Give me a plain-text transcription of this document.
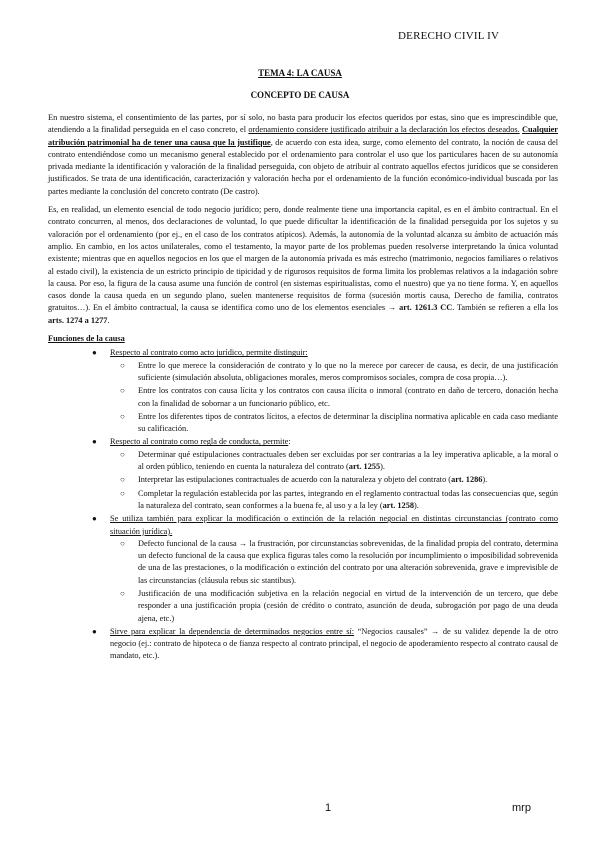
DERECHO CIVIL IV
TEMA 4: LA CAUSA
CONCEPTO DE CAUSA

En nuestro sistema, el consentimiento de las partes, por sí solo, no basta para producir los efectos queridos por estas, sino que es imprescindible que, atendiendo a la finalidad perseguida en el caso concreto, el ordenamiento considere justificado atribuir a la declaración los efectos deseados. Cualquier atribución patrimonial ha de tener una causa que la justifique, de acuerdo con esta idea, surge, como elemento del contrato, la noción de causa del contrato entendiéndose como un mecanismo general establecido por el ordenamiento para controlar el uso que los particulares hacen de su autonomía privada mediante la identificación y valoración de la finalidad perseguida, con objeto de atribuir al contrato aquellos efectos jurídicos que se consideren justificados. Se trata de una identificación, caracterización y valoración hecha por el ordenamiento de la función económico-individual buscada por las partes mediante la conclusión del concreto contrato (De castro).

Es, en realidad, un elemento esencial de todo negocio jurídico; pero, donde realmente tiene una importancia capital, es en el ámbito contractual. En el contrato concurren, al menos, dos declaraciones de voluntad, lo que puede dificultar la identificación de la finalidad perseguida por los sujetos y su valoración por el ordenamiento (por ej., en el caso de los contratos atípicos). Además, la autonomía de la voluntad alcanza su ámbito de actuación más amplio. En cambio, en los actos unilaterales, como el testamento, la mayor parte de los problemas pueden resolverse interpretando la única voluntad existente; mientras que en aquellos negocios en los que el margen de la autonomía privada es más estrecho (matrimonio, negocios familiares o relativos al estado civil), la existencia de un estricto principio de tipicidad y de rigurosos requisitos de forma limita los problemas relativos a la indagación sobre la causa. Por eso, la figura de la causa asume una función de control (en sistemas espiritualistas, como el nuestro) que ya no tiene forma. Y, en aquellos casos donde la causa queda en un segundo plano, suelen mantenerse requisitos de forma (sucesión mortis causa, Derecho de familia, contratos gratuitos…). En el ámbito contractual, la causa se identifica como uno de los elementos esenciales → art. 1261.3 CC. También se refieren a ella los arts. 1274 a 1277.

Funciones de la causa
● Respecto al contrato como acto jurídico, permite distinguir:
○ Entre lo que merece la consideración de contrato y lo que no la merece por carecer de causa, es decir, de una justificación suficiente (simulación absoluta, obligaciones morales, meros compromisos sociales, compra de cosa propia…).
○ Entre los contratos con causa lícita y los contratos con causa ilícita o inmoral (contrato en daño de tercero, donación hecha con la finalidad de sobornar a un funcionario público, etc.
○ Entre los diferentes tipos de contratos lícitos, a efectos de determinar la disciplina normativa aplicable en cada caso mediante su calificación.
● Respecto al contrato como regla de conducta, permite:
○ Determinar qué estipulaciones contractuales deben ser excluidas por ser contrarias a la ley imperativa aplicable, a la moral o al orden público, teniendo en cuenta la naturaleza del contrato (art. 1255).
○ Interpretar las estipulaciones contractuales de acuerdo con la naturaleza y objeto del contrato (art. 1286).
○ Completar la regulación establecida por las partes, integrando en el reglamento contractual todas las consecuencias que, según la naturaleza del contrato, sean conformes a la buena fe, al uso y a la ley (art. 1258).
● Se utiliza también para explicar la modificación o extinción de la relación negocial en distintas circunstancias (contrato como situación jurídica).
○ Defecto funcional de la causa → la frustración, por circunstancias sobrevenidas, de la finalidad propia del contrato, determina un defecto funcional de la causa que explica figuras tales como la resolución por incumplimiento o imposibilidad sobrevenida de una de las prestaciones, o la modificación o extinción del contrato por una alteración sobrevenida, grave e imprevisible de las circunstancias (cláusula rebus sic stantibus).
○ Justificación de una modificación subjetiva en la relación negocial en virtud de la intervención de un tercero, que debe responder a una justificación propia (cesión de crédito o contrato, asunción de deuda, subrogación por pago de una deuda ajena, etc.)
● Sirve para explicar la dependencia de determinados negocios entre sí: “Negocios causales” → de su validez depende la de otro negocio (ej.: contrato de hipoteca o de fianza respecto al contrato principal, el negocio de apoderamiento respecto al contrato causal de mandato, etc.).
1	mrp
